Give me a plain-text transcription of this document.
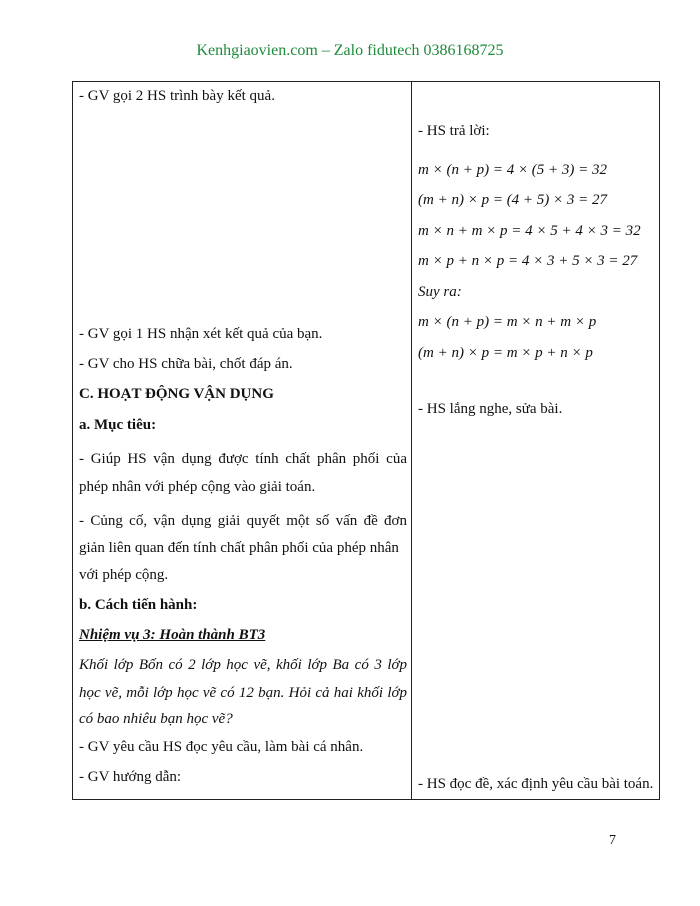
Kenhgiaovien.com – Zalo fidutech 0386168725
- GV gọi 2 HS trình bày kết quả.
- GV gọi 1 HS nhận xét kết quả của bạn.
- GV cho HS chữa bài, chốt đáp án.
C. HOẠT ĐỘNG VẬN DỤNG
a. Mục tiêu:
- Giúp HS vận dụng được tính chất phân phối của
phép nhân với phép cộng vào giải toán.
- Củng cố, vận dụng giải quyết một số vấn đề đơn
giản liên quan đến tính chất phân phối của phép nhân
với phép cộng.
b. Cách tiến hành:
Nhiệm vụ 3: Hoàn thành BT3
Khối lớp Bốn có 2 lớp học vẽ, khối lớp Ba có 3 lớp
học vẽ, mỗi lớp học vẽ có 12 bạn. Hỏi cả hai khối lớp
có bao nhiêu bạn học vẽ?
- GV yêu cầu HS đọc yêu cầu, làm bài cá nhân.
- GV hướng dẫn:
- HS trả lời:
m × (n + p) = 4 × (5 + 3) = 32
(m + n) × p = (4 + 5) × 3 = 27
m × n + m × p = 4 × 5 + 4 × 3 = 32
m × p + n × p = 4 × 3 + 5 × 3 = 27
Suy ra:
m × (n + p) = m × n + m × p
(m + n) × p = m × p + n × p
- HS lắng nghe, sửa bài.
- HS đọc đề, xác định yêu cầu bài toán.
7
